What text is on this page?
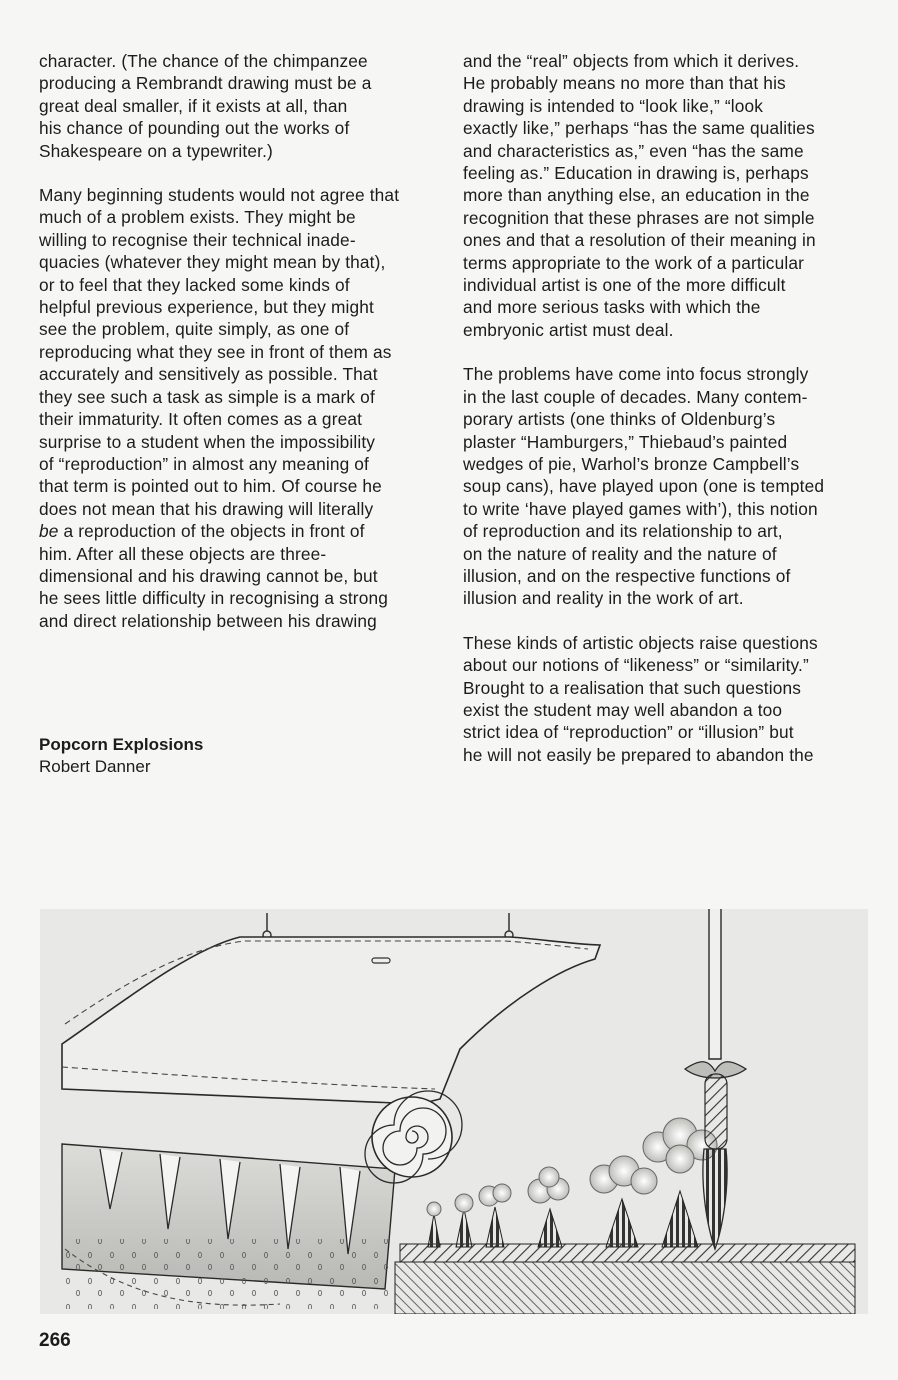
character. (The chance of the chimpanzee
producing a Rembrandt drawing must be a
great deal smaller, if it exists at all, than
his chance of pounding out the works of
Shakespeare on a typewriter.)

Many beginning students would not agree that
much of a problem exists. They might be
willing to recognise their technical inade-
quacies (whatever they might mean by that),
or to feel that they lacked some kinds of
helpful previous experience, but they might
see the problem, quite simply, as one of
reproducing what they see in front of them as
accurately and sensitively as possible. That
they see such a task as simple is a mark of
their immaturity. It often comes as a great
surprise to a student when the impossibility
of “reproduction” in almost any meaning of
that term is pointed out to him. Of course he
does not mean that his drawing will literally
be a reproduction of the objects in front of
him. After all these objects are three-
dimensional and his drawing cannot be, but
he sees little difficulty in recognising a strong
and direct relationship between his drawing

and the “real” objects from which it derives.
He probably means no more than that his
drawing is intended to “look like,” “look
exactly like,” perhaps “has the same qualities
and characteristics as,” even “has the same
feeling as.” Education in drawing is, perhaps
more than anything else, an education in the
recognition that these phrases are not simple
ones and that a resolution of their meaning in
terms appropriate to the work of a particular
individual artist is one of the more difficult
and more serious tasks with which the
embryonic artist must deal.

The problems have come into focus strongly
in the last couple of decades. Many contem-
porary artists (one thinks of Oldenburg’s
plaster “Hamburgers,” Thiebaud’s painted
wedges of pie, Warhol’s bronze Campbell’s
soup cans), have played upon (one is tempted
to write ‘have played games with’), this notion
of reproduction and its relationship to art,
on the nature of reality and the nature of
illusion, and on the respective functions of
illusion and reality in the work of art.

These kinds of artistic objects raise questions
about our notions of “likeness” or “similarity.”
Brought to a realisation that such questions
exist the student may well abandon a too
strict idea of “reproduction” or “illusion” but
he will not easily be prepared to abandon the

Popcorn Explosions
Robert Danner
266
